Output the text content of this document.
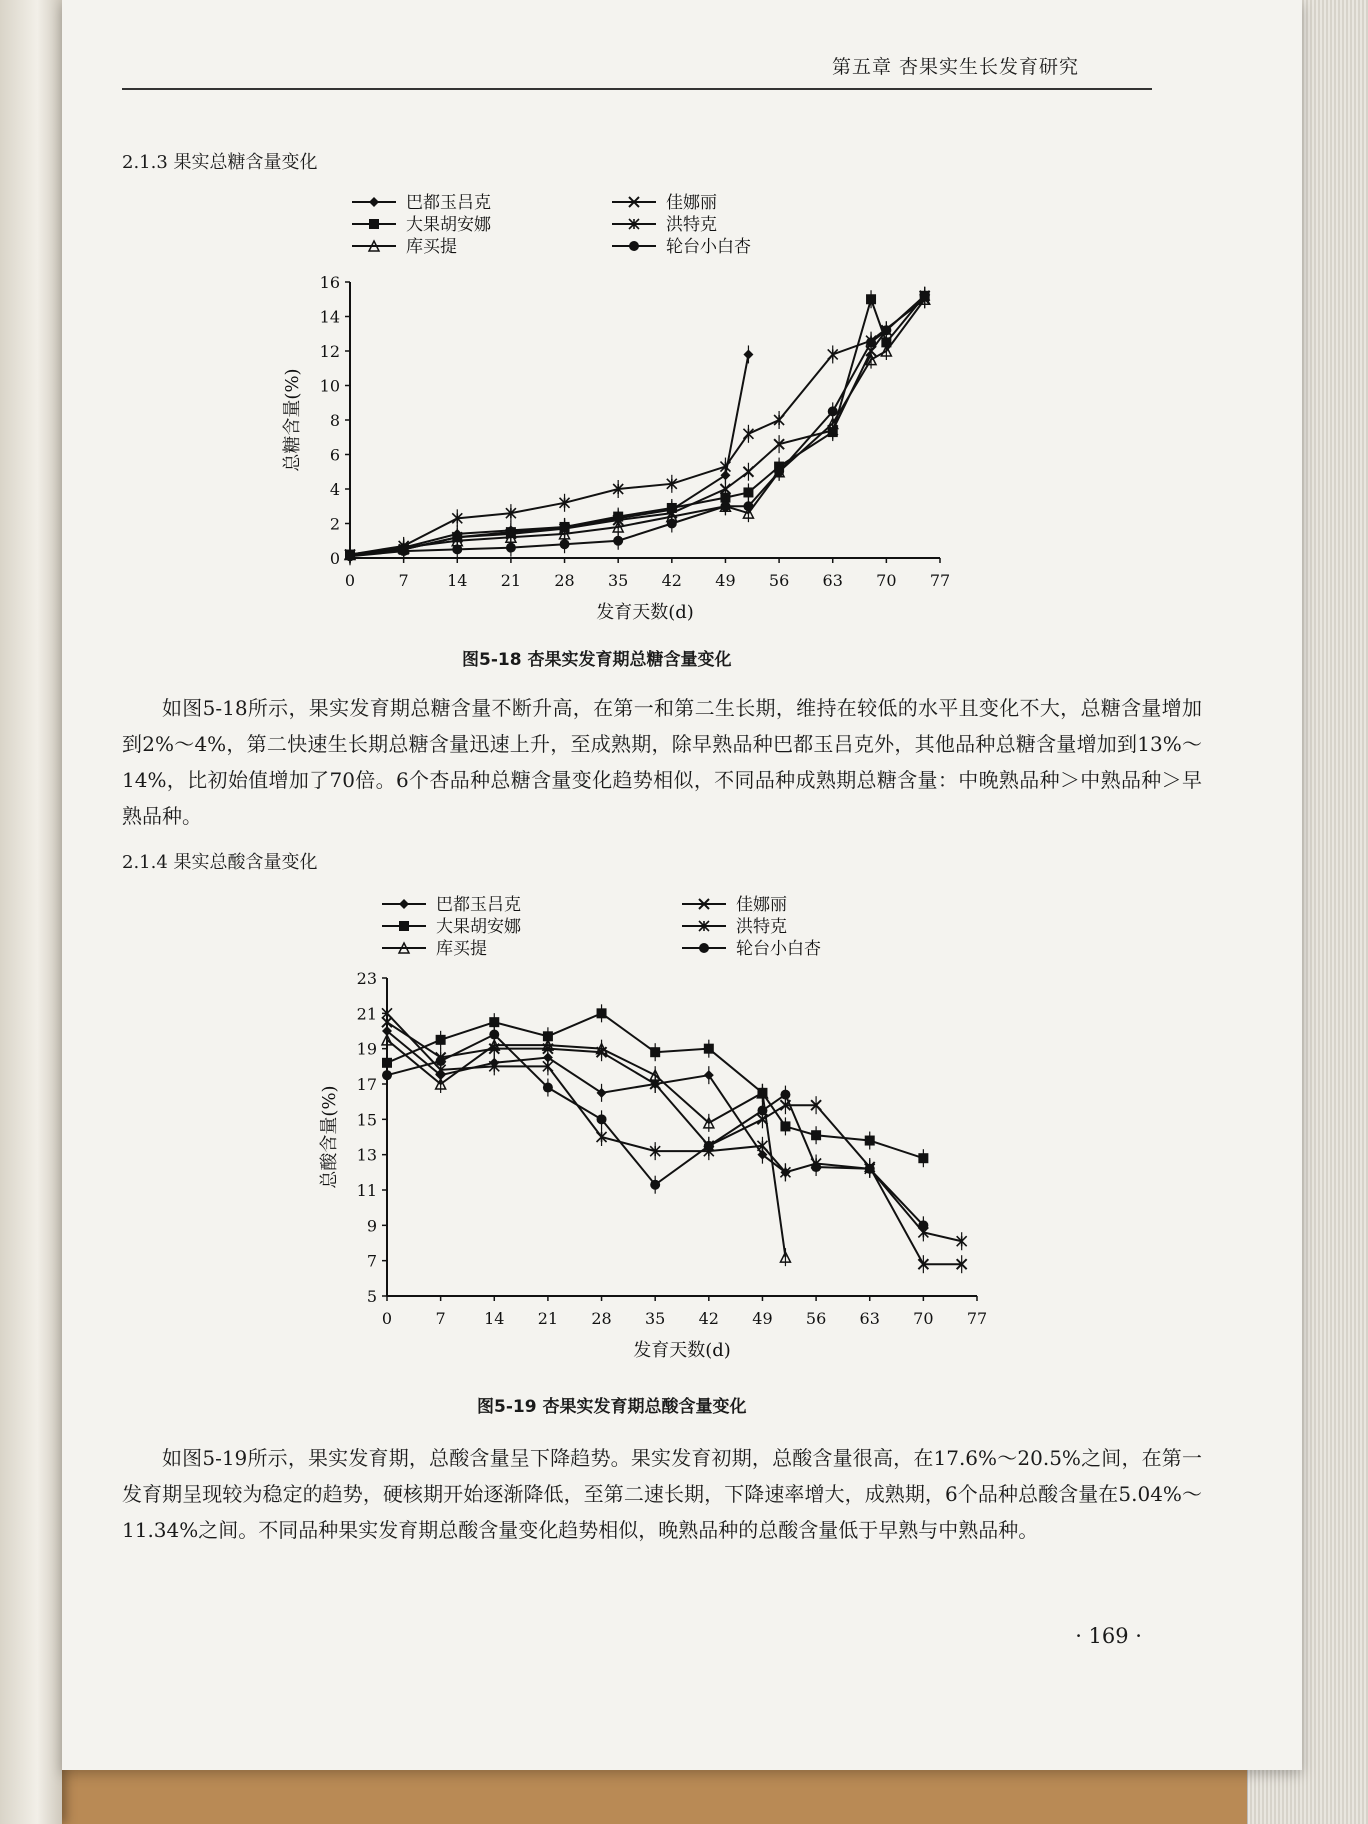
第五章 杏果实生长发育研究
2.1.3 果实总糖含量变化
0	7 14 21 28 35 42 49 56 63 70 77
0
2
4
6
8
10
12
14
16
发育天数(d)
总糖含量(%)
巴都玉吕克
大果胡安娜
库买提
佳娜丽
洪特克
轮台小白杏
图5-18 杏果实发育期总糖含量变化
如图5-18所示，果实发育期总糖含量不断升高，在第一和第二生长期，维持在较低的水平且变化不大，总糖含量增加到2%～4%，第二快速生长期总糖含量迅速上升，至成熟期，除早熟品种巴都玉吕克外，其他品种总糖含量增加到13%～14%，比初始值增加了70倍。6个杏品种总糖含量变化趋势相似，不同品种成熟期总糖含量：中晚熟品种＞中熟品种＞早熟品种。
2.1.4 果实总酸含量变化
0	7 14 21 28 35 42 49 56 63 70 77
5
7
9
11
13
15
17
19
21
23
发育天数(d)
总酸含量(%)
巴都玉吕克
大果胡安娜
库买提
佳娜丽
洪特克
轮台小白杏
图5-19 杏果实发育期总酸含量变化
如图5-19所示，果实发育期，总酸含量呈下降趋势。果实发育初期，总酸含量很高，在17.6%～20.5%之间，在第一发育期呈现较为稳定的趋势，硬核期开始逐渐降低，至第二速长期，下降速率增大，成熟期，6个品种总酸含量在5.04%～11.34%之间。不同品种果实发育期总酸含量变化趋势相似，晚熟品种的总酸含量低于早熟与中熟品种。
· 169 ·
